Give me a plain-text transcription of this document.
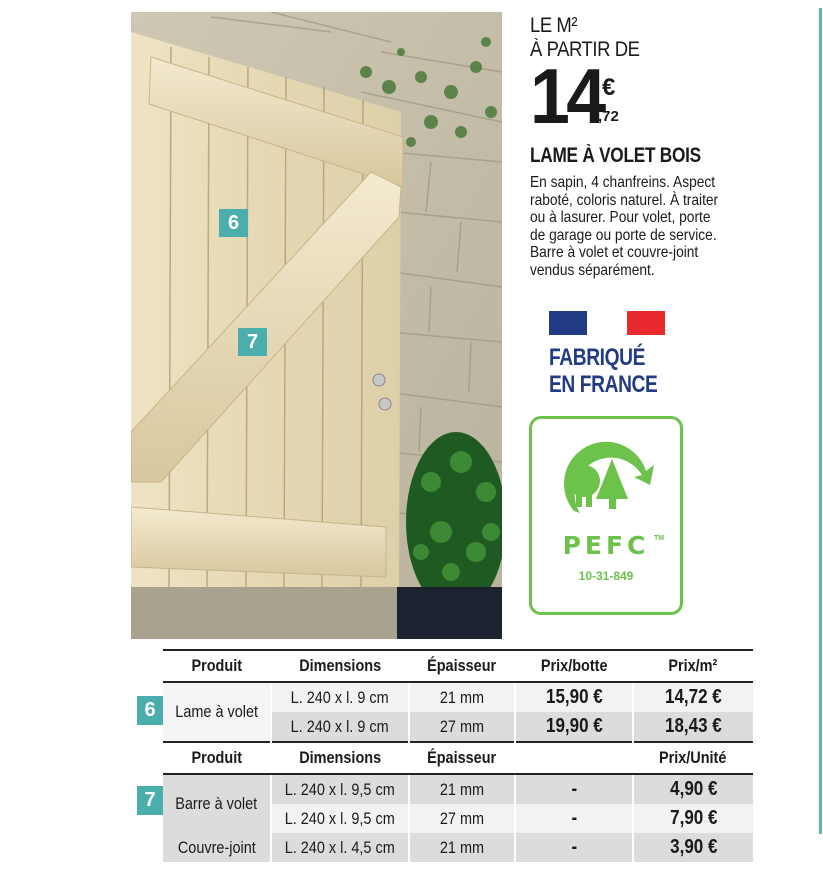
6
7
LE M²
À PARTIR DE
14 €
,72
LAME À VOLET BOIS
En sapin, 4 chanfreins. Aspect
raboté, coloris naturel. À traiter
ou à lasurer. Pour volet, porte
de garage ou porte de service.
Barre à volet et couvre-joint
vendus séparément.
FABRIQUÉ
EN FRANCE
PEFC TM
10-31-849
6
7
Produit	Dimensions	Épaisseur	Prix/botte	Prix/m²
Lame à volet	L. 240 x l. 9 cm	21 mm	15,90 €	14,72 €
	L. 240 x l. 9 cm	27 mm	19,90 €	18,43 €
Produit	Dimensions	Épaisseur		Prix/Unité
Barre à volet	L. 240 x l. 9,5 cm	21 mm	-	4,90 €
	L. 240 x l. 9,5 cm	27 mm	-	7,90 €
Couvre-joint	L. 240 x l. 4,5 cm	21 mm	-	3,90 €
